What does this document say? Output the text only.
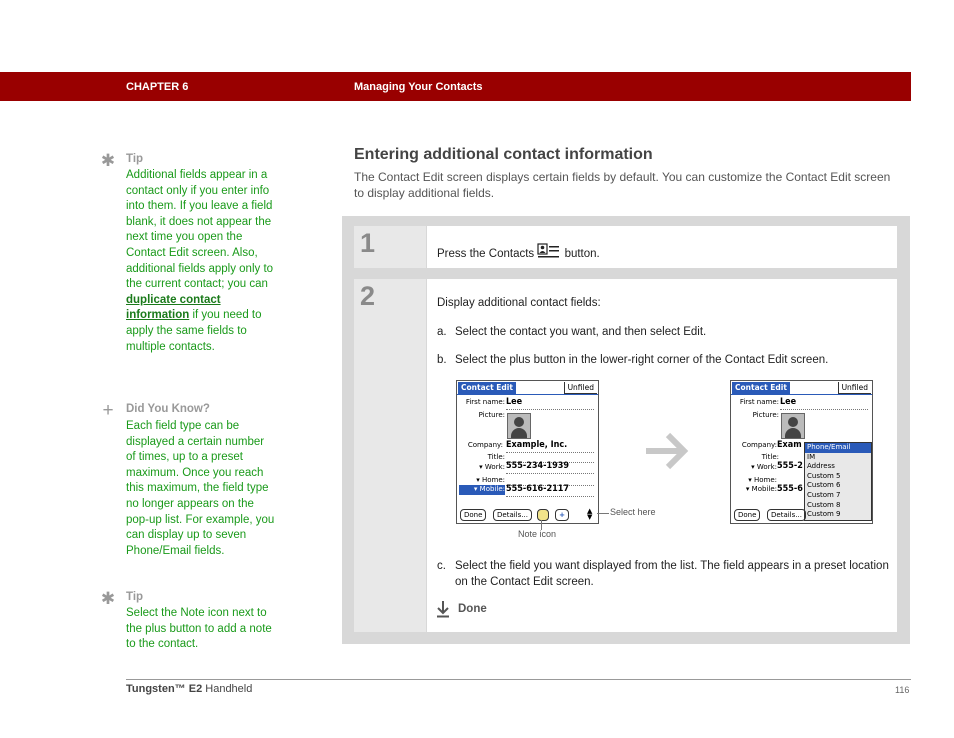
CHAPTER 6	Managing Your Contacts
✱ Tip
Additional fields appear in a contact only if you enter info into them. If you leave a field blank, it does not appear the next time you open the Contact Edit screen. Also, additional fields apply only to the current contact; you can duplicate contact information if you need to apply the same fields to multiple contacts.
+ Did You Know?
Each field type can be displayed a certain number of times, up to a preset maximum. Once you reach this maximum, the field type no longer appears on the pop-up list. For example, you can display up to seven Phone/Email fields.
✱ Tip
Select the Note icon next to the plus button to add a note to the contact.
Entering additional contact information
The Contact Edit screen displays certain fields by default. You can customize the Contact Edit screen to display additional fields.
1	Press the Contacts	button.
2	Display additional contact fields:
a. Select the contact you want, and then select Edit.
b. Select the plus button in the lower-right corner of the Contact Edit screen.
c. Select the field you want displayed from the list. The field appears in a preset location on the Contact Edit screen.
Done
Contact Edit	Unfiled
First name: Lee
Picture:
Company: Example, Inc.
Title:
▾ Work: 555-234-1939
▾ Home:
▾ Mobile: 555-616-2117
Done	Details...	+	▲
▼ Select here
Note icon
Contact Edit	Unfiled
First name: Lee
Picture:
Company: Exam
Title:
▾ Work: 555-2
▾ Home:
▾ Mobile: 555-6
Phone/Email
IM
Address
Custom 5
Custom 6
Custom 7
Custom 8
Custom 9
Done	Details...
Tungsten™ E2 Handheld	116
